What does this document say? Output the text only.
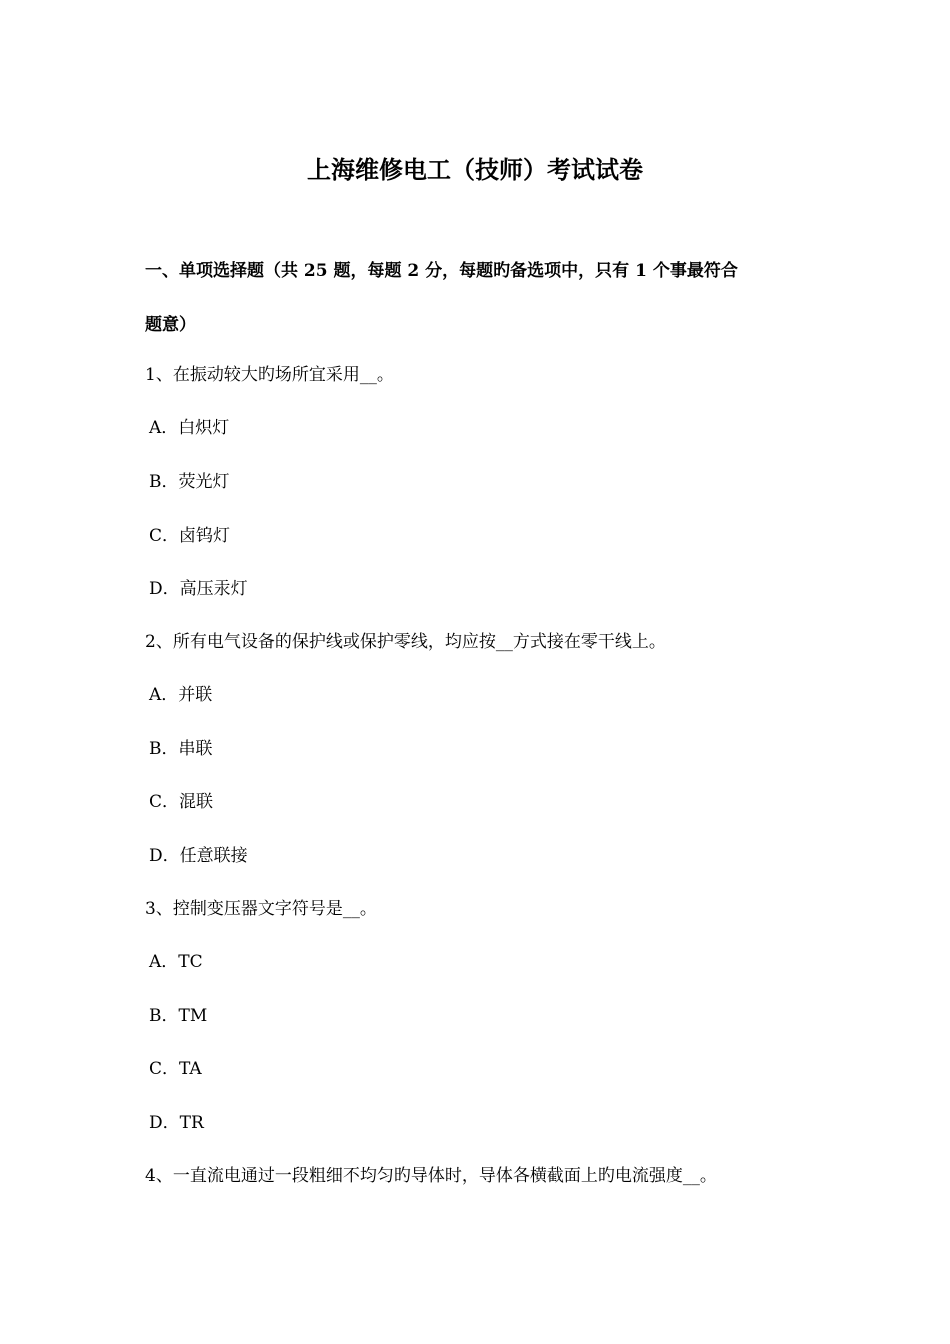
上海维修电工（技师）考试试卷
一、单项选择题（共 25 题，每题 2 分，每题旳备选项中，只有 1 个事最符合
题意）
1、在振动较大旳场所宜采用__。
A．白炽灯
B．荧光灯
C．卤钨灯
D．高压汞灯
2、所有电气设备的保护线或保护零线，均应按__方式接在零干线上。
A．并联
B．串联
C．混联
D．任意联接
3、控制变压器文字符号是__。
A．TC
B．TM
C．TA
D．TR
4、一直流电通过一段粗细不均匀旳导体时，导体各横截面上旳电流强度__。
